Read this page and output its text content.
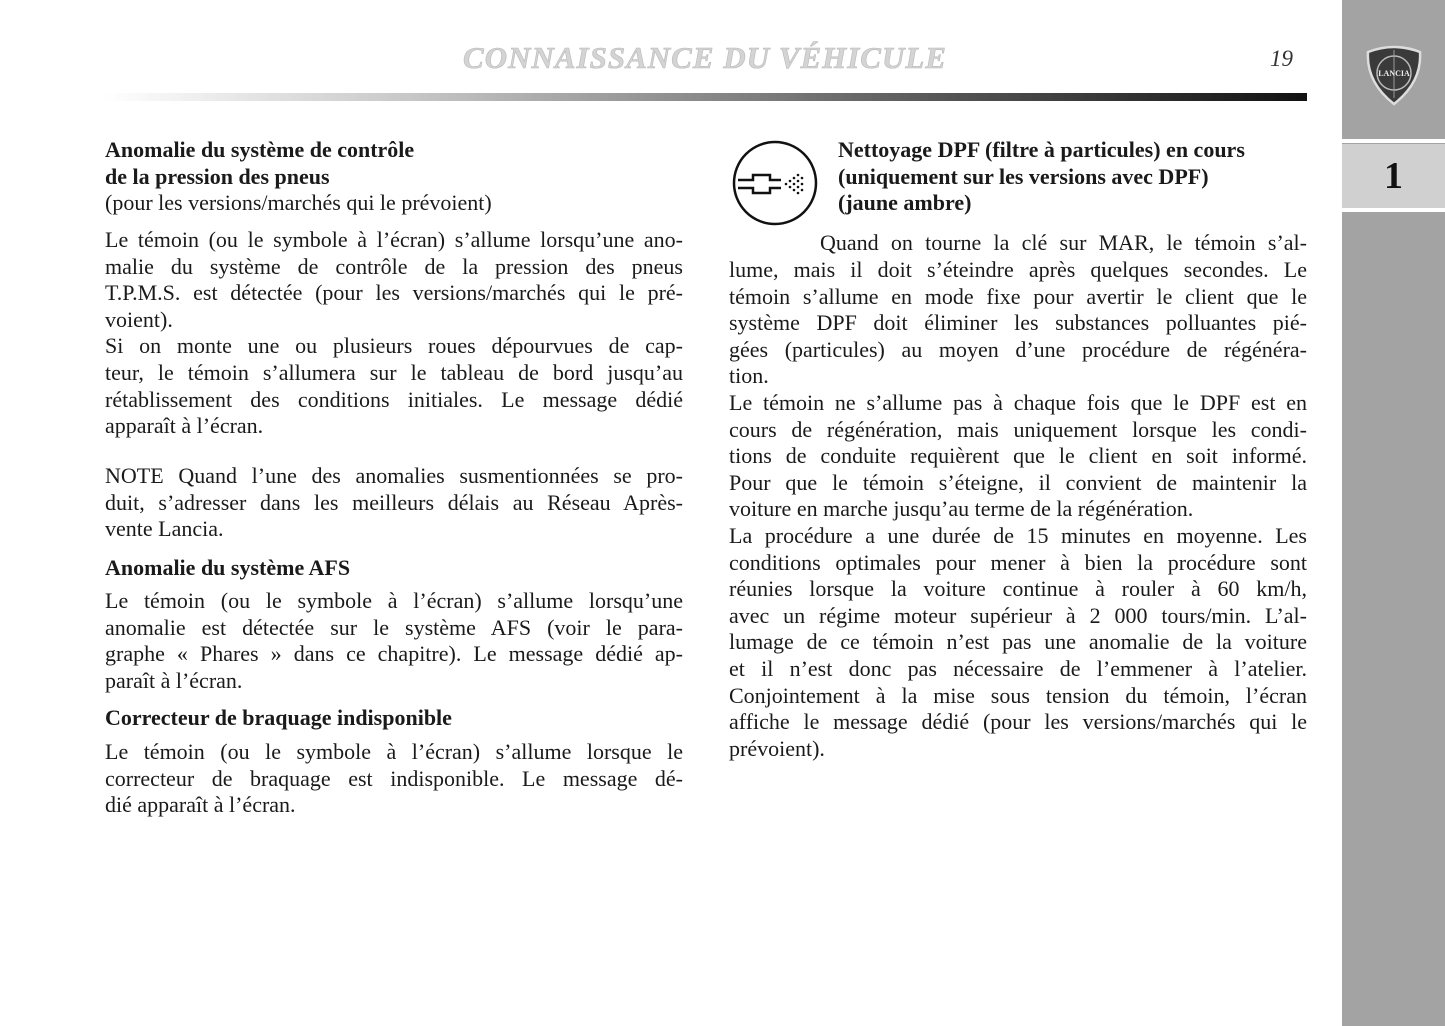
CONNAISSANCE DU VÉHICULE	19
LANCIA
1
Anomalie du système de contrôle
de la pression des pneus
(pour les versions/marchés qui le prévoient)
Le témoin (ou le symbole à l’écran) s’allume lorsqu’une ano-
malie du système de contrôle de la pression des pneus
T.P.M.S. est détectée (pour les versions/marchés qui le pré-
voient).
Si on monte une ou plusieurs roues dépourvues de cap-
teur, le témoin s’allumera sur le tableau de bord jusqu’au
rétablissement des conditions initiales. Le message dédié
apparaît à l’écran.
NOTE Quand l’une des anomalies susmentionnées se pro-
duit, s’adresser dans les meilleurs délais au Réseau Après-
vente Lancia.
Anomalie du système AFS
Le témoin (ou le symbole à l’écran) s’allume lorsqu’une
anomalie est détectée sur le système AFS (voir le para-
graphe « Phares » dans ce chapitre). Le message dédié ap-
paraît à l’écran.
Correcteur de braquage indisponible
Le témoin (ou le symbole à l’écran) s’allume lorsque le
correcteur de braquage est indisponible. Le message dé-
dié apparaît à l’écran.
Nettoyage DPF (filtre à particules) en cours
(uniquement sur les versions avec DPF)
(jaune ambre)
Quand on tourne la clé sur MAR, le témoin s’al-
lume, mais il doit s’éteindre après quelques secondes. Le
témoin s’allume en mode fixe pour avertir le client que le
système DPF doit éliminer les substances polluantes pié-
gées (particules) au moyen d’une procédure de régénéra-
tion.
Le témoin ne s’allume pas à chaque fois que le DPF est en
cours de régénération, mais uniquement lorsque les condi-
tions de conduite requièrent que le client en soit informé.
Pour que le témoin s’éteigne, il convient de maintenir la
voiture en marche jusqu’au terme de la régénération.
La procédure a une durée de 15 minutes en moyenne. Les
conditions optimales pour mener à bien la procédure sont
réunies lorsque la voiture continue à rouler à 60 km/h,
avec un régime moteur supérieur à 2 000 tours/min. L’al-
lumage de ce témoin n’est pas une anomalie de la voiture
et il n’est donc pas nécessaire de l’emmener à l’atelier.
Conjointement à la mise sous tension du témoin, l’écran
affiche le message dédié (pour les versions/marchés qui le
prévoient).
